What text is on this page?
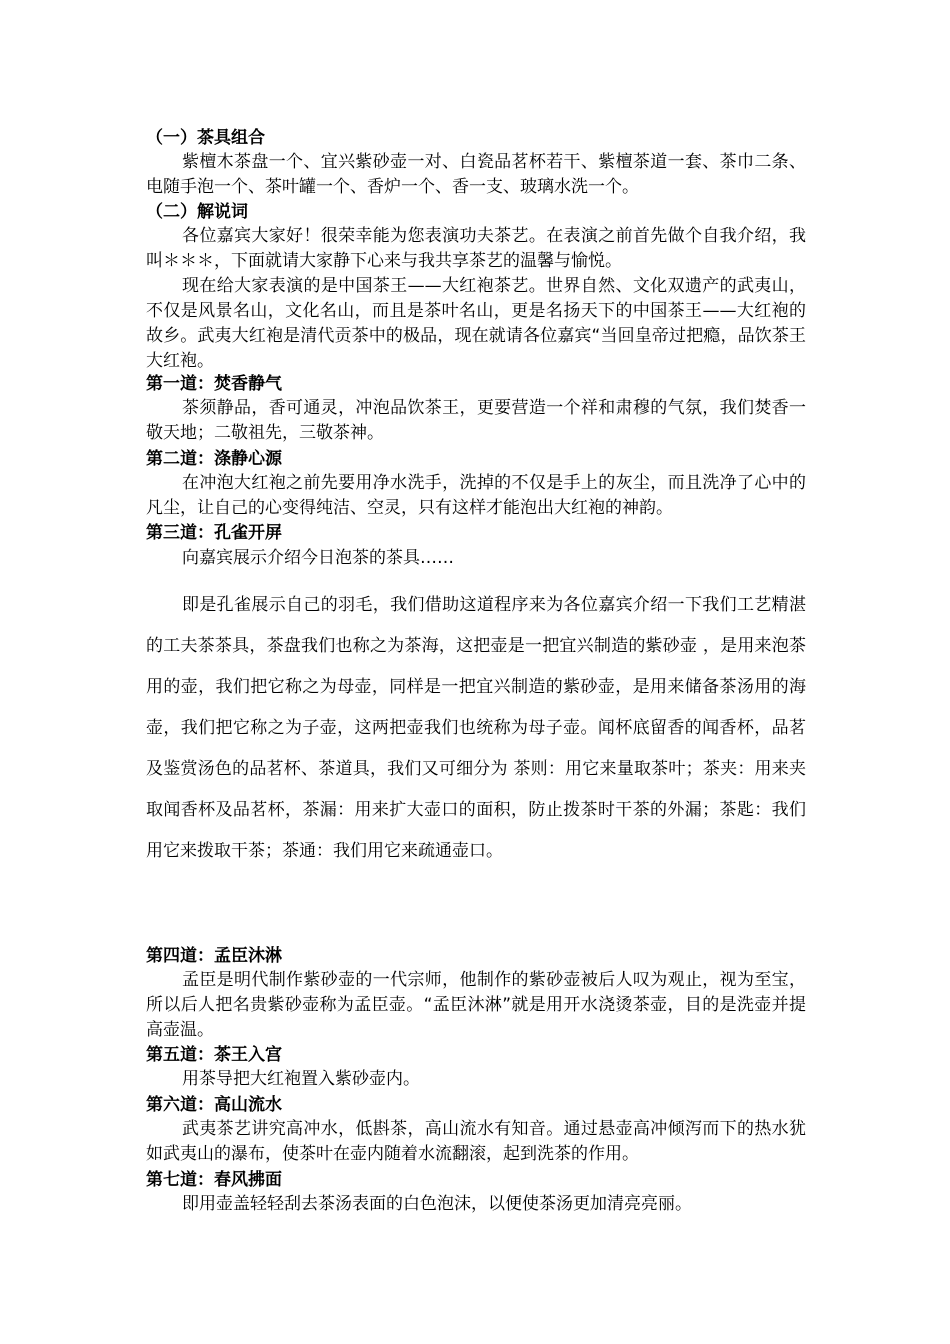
（一）茶具组合

紫檀木茶盘一个、宜兴紫砂壶一对、白瓷品茗杯若干、紫檀茶道一套、茶巾二条、电随手泡一个、茶叶罐一个、香炉一个、香一支、玻璃水洗一个。

（二）解说词

各位嘉宾大家好！很荣幸能为您表演功夫茶艺。在表演之前首先做个自我介绍，我叫＊＊＊，下面就请大家静下心来与我共享茶艺的温馨与愉悦。

现在给大家表演的是中国茶王——大红袍茶艺。世界自然、文化双遗产的武夷山，不仅是风景名山，文化名山，而且是茶叶名山，更是名扬天下的中国茶王——大红袍的故乡。武夷大红袍是清代贡茶中的极品，现在就请各位嘉宾“当回皇帝过把瘾，品饮茶王大红袍。

第一道：焚香静气

茶须静品，香可通灵，冲泡品饮茶王，更要营造一个祥和肃穆的气氛，我们焚香一敬天地；二敬祖先，三敬茶神。

第二道：涤静心源

在冲泡大红袍之前先要用净水洗手，洗掉的不仅是手上的灰尘，而且洗净了心中的凡尘，让自己的心变得纯洁、空灵，只有这样才能泡出大红袍的神韵。

第三道：孔雀开屏

向嘉宾展示介绍今日泡茶的茶具……

即是孔雀展示自己的羽毛，我们借助这道程序来为各位嘉宾介绍一下我们工艺精湛的工夫茶茶具，茶盘我们也称之为茶海，这把壶是一把宜兴制造的紫砂壶 ，是用来泡茶用的壶，我们把它称之为母壶，同样是一把宜兴制造的紫砂壶，是用来储备茶汤用的海壶，我们把它称之为子壶，这两把壶我们也统称为母子壶。闻杯底留香的闻香杯，品茗及鉴赏汤色的品茗杯、茶道具，我们又可细分为 茶则：用它来量取茶叶；茶夹：用来夹取闻香杯及品茗杯，茶漏：用来扩大壶口的面积，防止拨茶时干茶的外漏；茶匙：我们用它来拨取干茶；茶通：我们用它来疏通壶口。

第四道：孟臣沐淋

孟臣是明代制作紫砂壶的一代宗师，他制作的紫砂壶被后人叹为观止，视为至宝，所以后人把名贵紫砂壶称为孟臣壶。“孟臣沐淋”就是用开水浇烫茶壶，目的是洗壶并提高壶温。

第五道：茶王入宫

用茶导把大红袍置入紫砂壶内。

第六道：高山流水

武夷茶艺讲究高冲水，低斟茶，高山流水有知音。通过悬壶高冲倾泻而下的热水犹如武夷山的瀑布，使茶叶在壶内随着水流翻滚，起到洗茶的作用。

第七道：春风拂面

即用壶盖轻轻刮去茶汤表面的白色泡沫，以便使茶汤更加清亮亮丽。
